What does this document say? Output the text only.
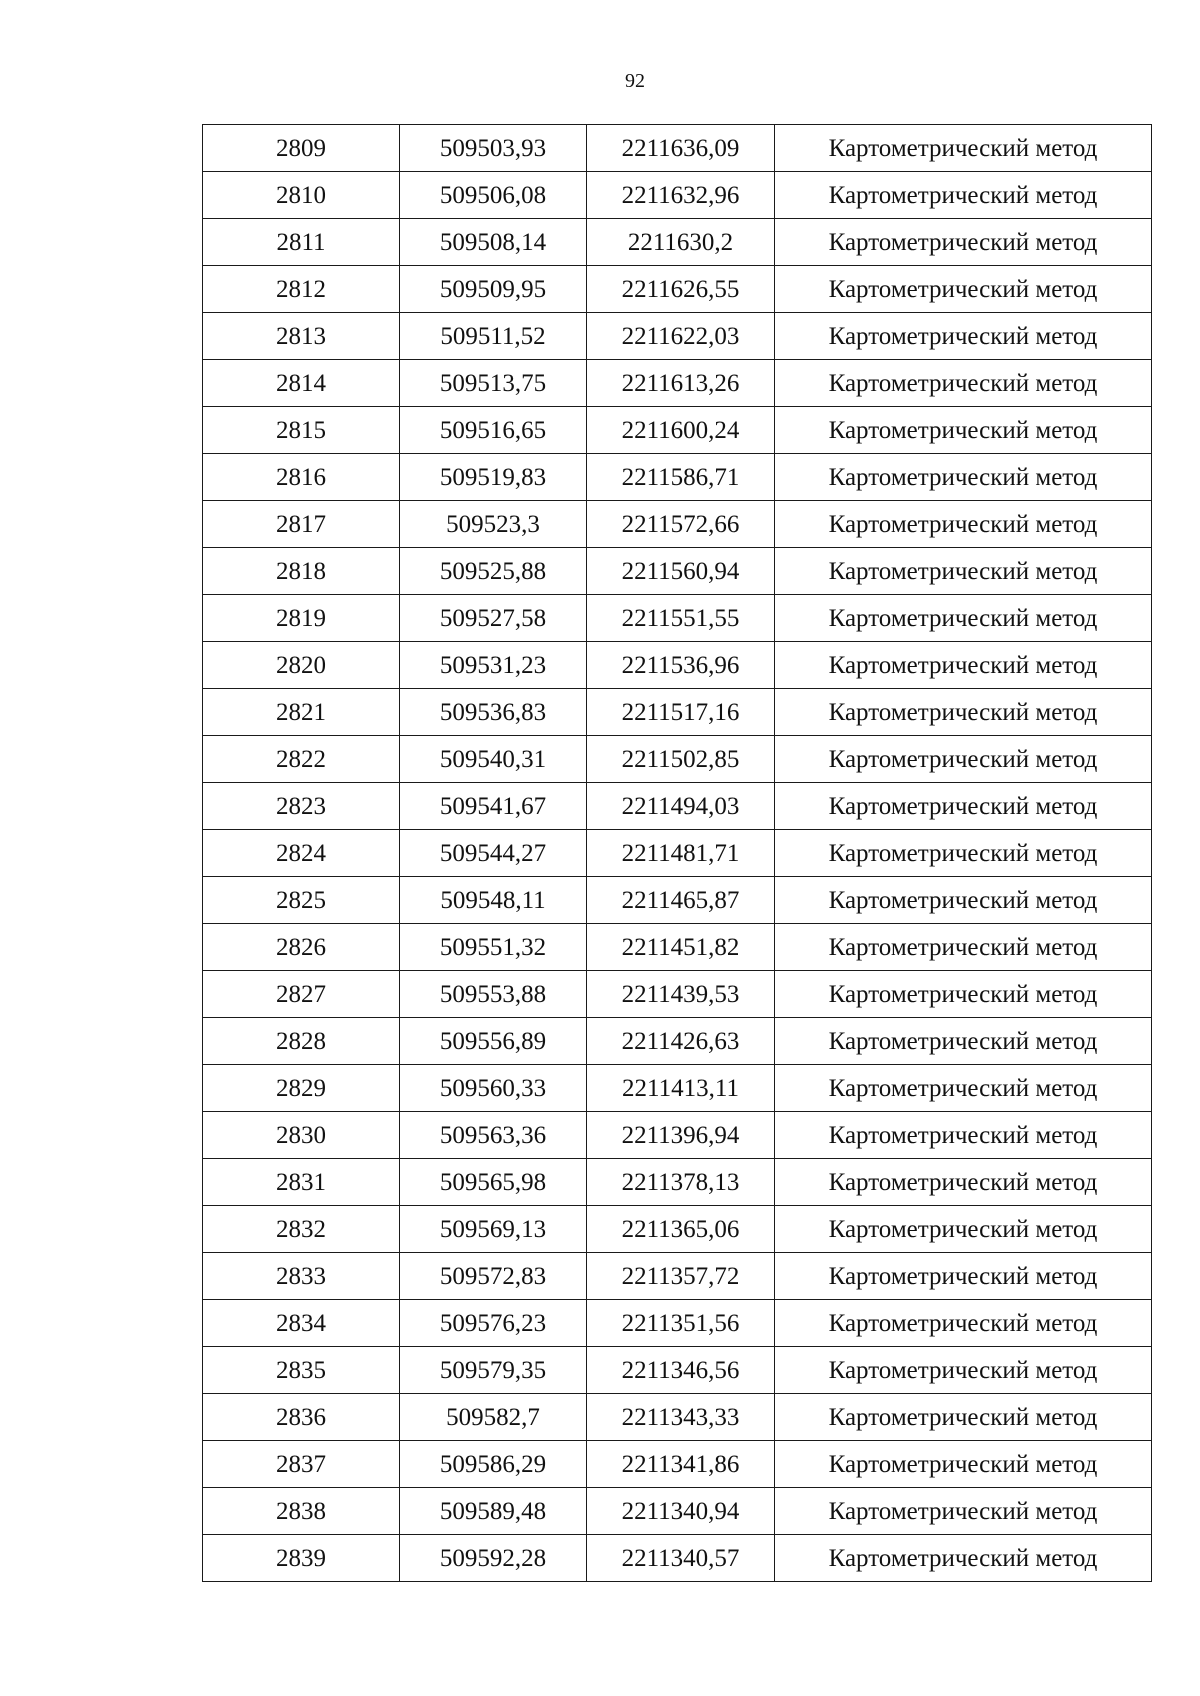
92
2809	509503,93	2211636,09	Картометрический метод
2810	509506,08	2211632,96	Картометрический метод
2811	509508,14	2211630,2	Картометрический метод
2812	509509,95	2211626,55	Картометрический метод
2813	509511,52	2211622,03	Картометрический метод
2814	509513,75	2211613,26	Картометрический метод
2815	509516,65	2211600,24	Картометрический метод
2816	509519,83	2211586,71	Картометрический метод
2817	509523,3	2211572,66	Картометрический метод
2818	509525,88	2211560,94	Картометрический метод
2819	509527,58	2211551,55	Картометрический метод
2820	509531,23	2211536,96	Картометрический метод
2821	509536,83	2211517,16	Картометрический метод
2822	509540,31	2211502,85	Картометрический метод
2823	509541,67	2211494,03	Картометрический метод
2824	509544,27	2211481,71	Картометрический метод
2825	509548,11	2211465,87	Картометрический метод
2826	509551,32	2211451,82	Картометрический метод
2827	509553,88	2211439,53	Картометрический метод
2828	509556,89	2211426,63	Картометрический метод
2829	509560,33	2211413,11	Картометрический метод
2830	509563,36	2211396,94	Картометрический метод
2831	509565,98	2211378,13	Картометрический метод
2832	509569,13	2211365,06	Картометрический метод
2833	509572,83	2211357,72	Картометрический метод
2834	509576,23	2211351,56	Картометрический метод
2835	509579,35	2211346,56	Картометрический метод
2836	509582,7	2211343,33	Картометрический метод
2837	509586,29	2211341,86	Картометрический метод
2838	509589,48	2211340,94	Картометрический метод
2839	509592,28	2211340,57	Картометрический метод
